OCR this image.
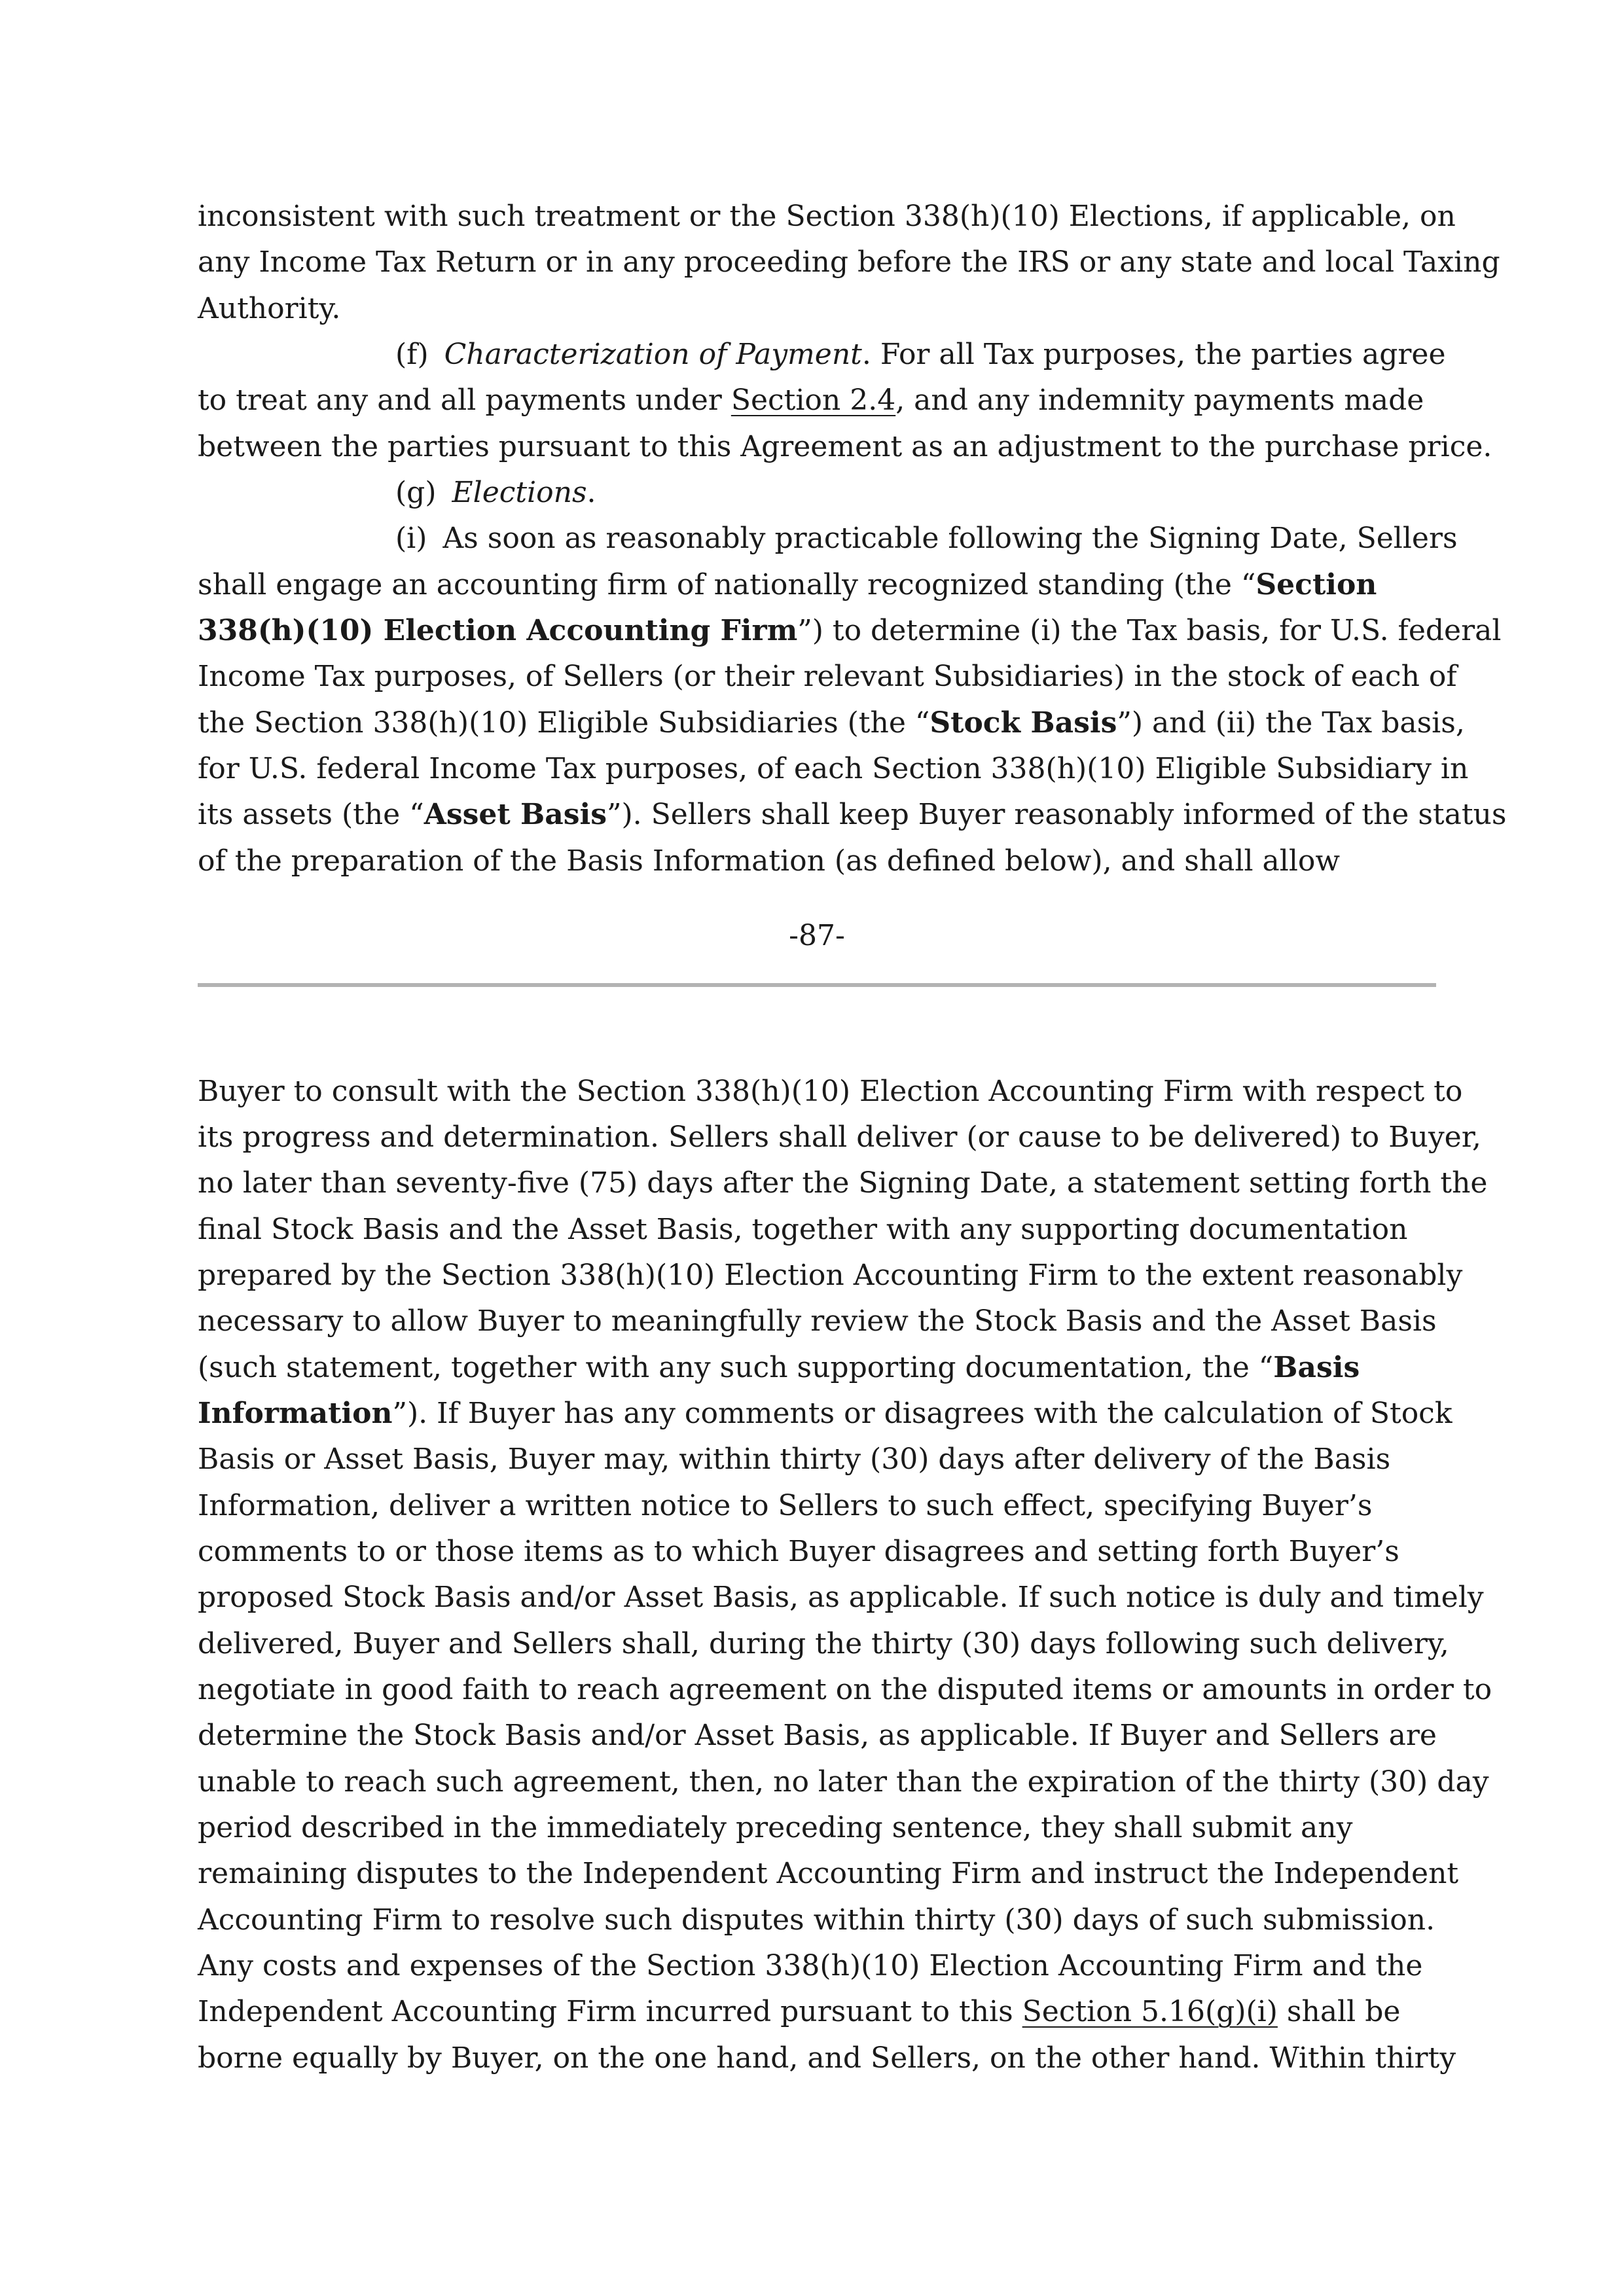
inconsistent with such treatment or the Section 338(h)(10) Elections, if applicable, on
any Income Tax Return or in any proceeding before the IRS or any state and local Taxing
Authority.
(f) Characterization of Payment. For all Tax purposes, the parties agree
to treat any and all payments under Section 2.4, and any indemnity payments made
between the parties pursuant to this Agreement as an adjustment to the purchase price.
(g) Elections.
(i) As soon as reasonably practicable following the Signing Date, Sellers
shall engage an accounting firm of nationally recognized standing (the “Section
338(h)(10) Election Accounting Firm”) to determine (i) the Tax basis, for U.S. federal
Income Tax purposes, of Sellers (or their relevant Subsidiaries) in the stock of each of
the Section 338(h)(10) Eligible Subsidiaries (the “Stock Basis”) and (ii) the Tax basis,
for U.S. federal Income Tax purposes, of each Section 338(h)(10) Eligible Subsidiary in
its assets (the “Asset Basis”). Sellers shall keep Buyer reasonably informed of the status
of the preparation of the Basis Information (as defined below), and shall allow
-87-
Buyer to consult with the Section 338(h)(10) Election Accounting Firm with respect to
its progress and determination. Sellers shall deliver (or cause to be delivered) to Buyer,
no later than seventy-five (75) days after the Signing Date, a statement setting forth the
final Stock Basis and the Asset Basis, together with any supporting documentation
prepared by the Section 338(h)(10) Election Accounting Firm to the extent reasonably
necessary to allow Buyer to meaningfully review the Stock Basis and the Asset Basis
(such statement, together with any such supporting documentation, the “Basis
Information”). If Buyer has any comments or disagrees with the calculation of Stock
Basis or Asset Basis, Buyer may, within thirty (30) days after delivery of the Basis
Information, deliver a written notice to Sellers to such effect, specifying Buyer’s
comments to or those items as to which Buyer disagrees and setting forth Buyer’s
proposed Stock Basis and/or Asset Basis, as applicable. If such notice is duly and timely
delivered, Buyer and Sellers shall, during the thirty (30) days following such delivery,
negotiate in good faith to reach agreement on the disputed items or amounts in order to
determine the Stock Basis and/or Asset Basis, as applicable. If Buyer and Sellers are
unable to reach such agreement, then, no later than the expiration of the thirty (30) day
period described in the immediately preceding sentence, they shall submit any
remaining disputes to the Independent Accounting Firm and instruct the Independent
Accounting Firm to resolve such disputes within thirty (30) days of such submission.
Any costs and expenses of the Section 338(h)(10) Election Accounting Firm and the
Independent Accounting Firm incurred pursuant to this Section 5.16(g)(i) shall be
borne equally by Buyer, on the one hand, and Sellers, on the other hand. Within thirty
